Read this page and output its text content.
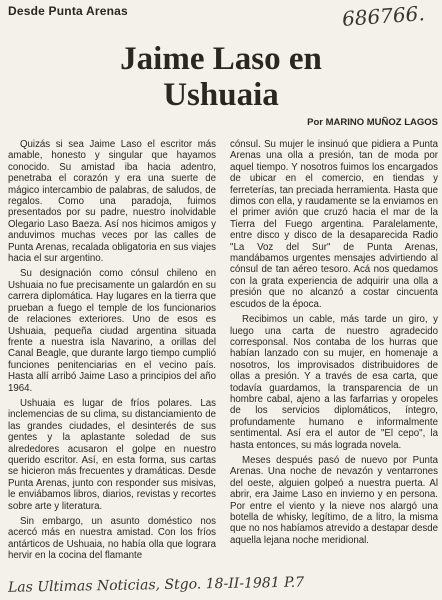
Desde Punta Arenas	686766.
Jaime Laso en
Ushuaia
Por MARINO MUÑOZ LAGOS

Quizás si sea Jaime Laso el escritor más amable, honesto y singular que hayamos conocido. Su amistad iba hacia adentro, penetraba el corazón y era una suerte de mágico intercambio de palabras, de saludos, de regalos. Como una paradoja, fuimos presentados por su padre, nuestro inolvidable Olegario Laso Baeza. Así nos hicimos amigos y anduvimos muchas veces por las calles de Punta Arenas, recalada obligatoria en sus viajes hacia el sur argentino.

Su designación como cónsul chileno en Ushuaia no fue precisamente un galardón en su carrera diplomática. Hay lugares en la tierra que prueban a fuego el temple de los funcionarios de relaciones exteriores. Uno de esos es Ushuaia, pequeña ciudad argentina situada frente a nuestra isla Navarino, a orillas del Canal Beagle, que durante largo tiempo cumplió funciones penitenciarias en el vecino país. Hasta allí arribó Jaime Laso a principios del año 1964.

Ushuaia es lugar de fríos polares. Las inclemencias de su clima, su distanciamiento de las grandes ciudades, el desinterés de sus gentes y la aplastante soledad de sus alrededores acusaron el golpe en nuestro querido escritor. Así, en esta forma, sus cartas se hicieron más frecuentes y dramáticas. Desde Punta Arenas, junto con responder sus misivas, le enviábamos libros, diarios, revistas y recortes sobre arte y literatura.

Sin embargo, un asunto doméstico nos acercó más en nuestra amistad. Con los fríos antárticos de Ushuaia, no había olla que lograra hervir en la cocina del flamante

cónsul. Su mujer le insinuó que pidiera a Punta Arenas una olla a presión, tan de moda por aquel tiempo. Y nosotros fuimos los encargados de ubicar en el comercio, en tiendas y ferreterías, tan preciada herramienta. Hasta que dimos con ella, y raudamente se la enviamos en el primer avión que cruzó hacia el mar de la Tierra del Fuego argentina. Paralelamente, entre disco y disco de la desaparecida Radio "La Voz del Sur" de Punta Arenas, mandábamos urgentes mensajes advirtiendo al cónsul de tan aéreo tesoro. Acá nos quedamos con la grata experiencia de adquirir una olla a presión que no alcanzó a costar cincuenta escudos de la época.

Recibimos un cable, más tarde un giro, y luego una carta de nuestro agradecido corresponsal. Nos contaba de los hurras que habían lanzado con su mujer, en homenaje a nosotros, los improvisados distribuidores de ollas a presión. Y a través de esa carta, que todavía guardamos, la transparencia de un hombre cabal, ajeno a las farfarrias y oropeles de los servicios diplomáticos, íntegro, profundamente humano e informalmente sentimental. Así era el autor de "El cepo", la hasta entonces, su más lograda novela.

Meses después pasó de nuevo por Punta Arenas. Una noche de nevazón y ventarrones del oeste, alguien golpeó a nuestra puerta. Al abrir, era Jaime Laso en invierno y en persona. Por entre el viento y la nieve nos alargó una botella de whisky, legítimo, de a litro, la misma que no nos habíamos atrevido a destapar desde aquella lejana noche meridional.

Las Ultimas Noticias, Stgo. 18-II-1981 P.7
